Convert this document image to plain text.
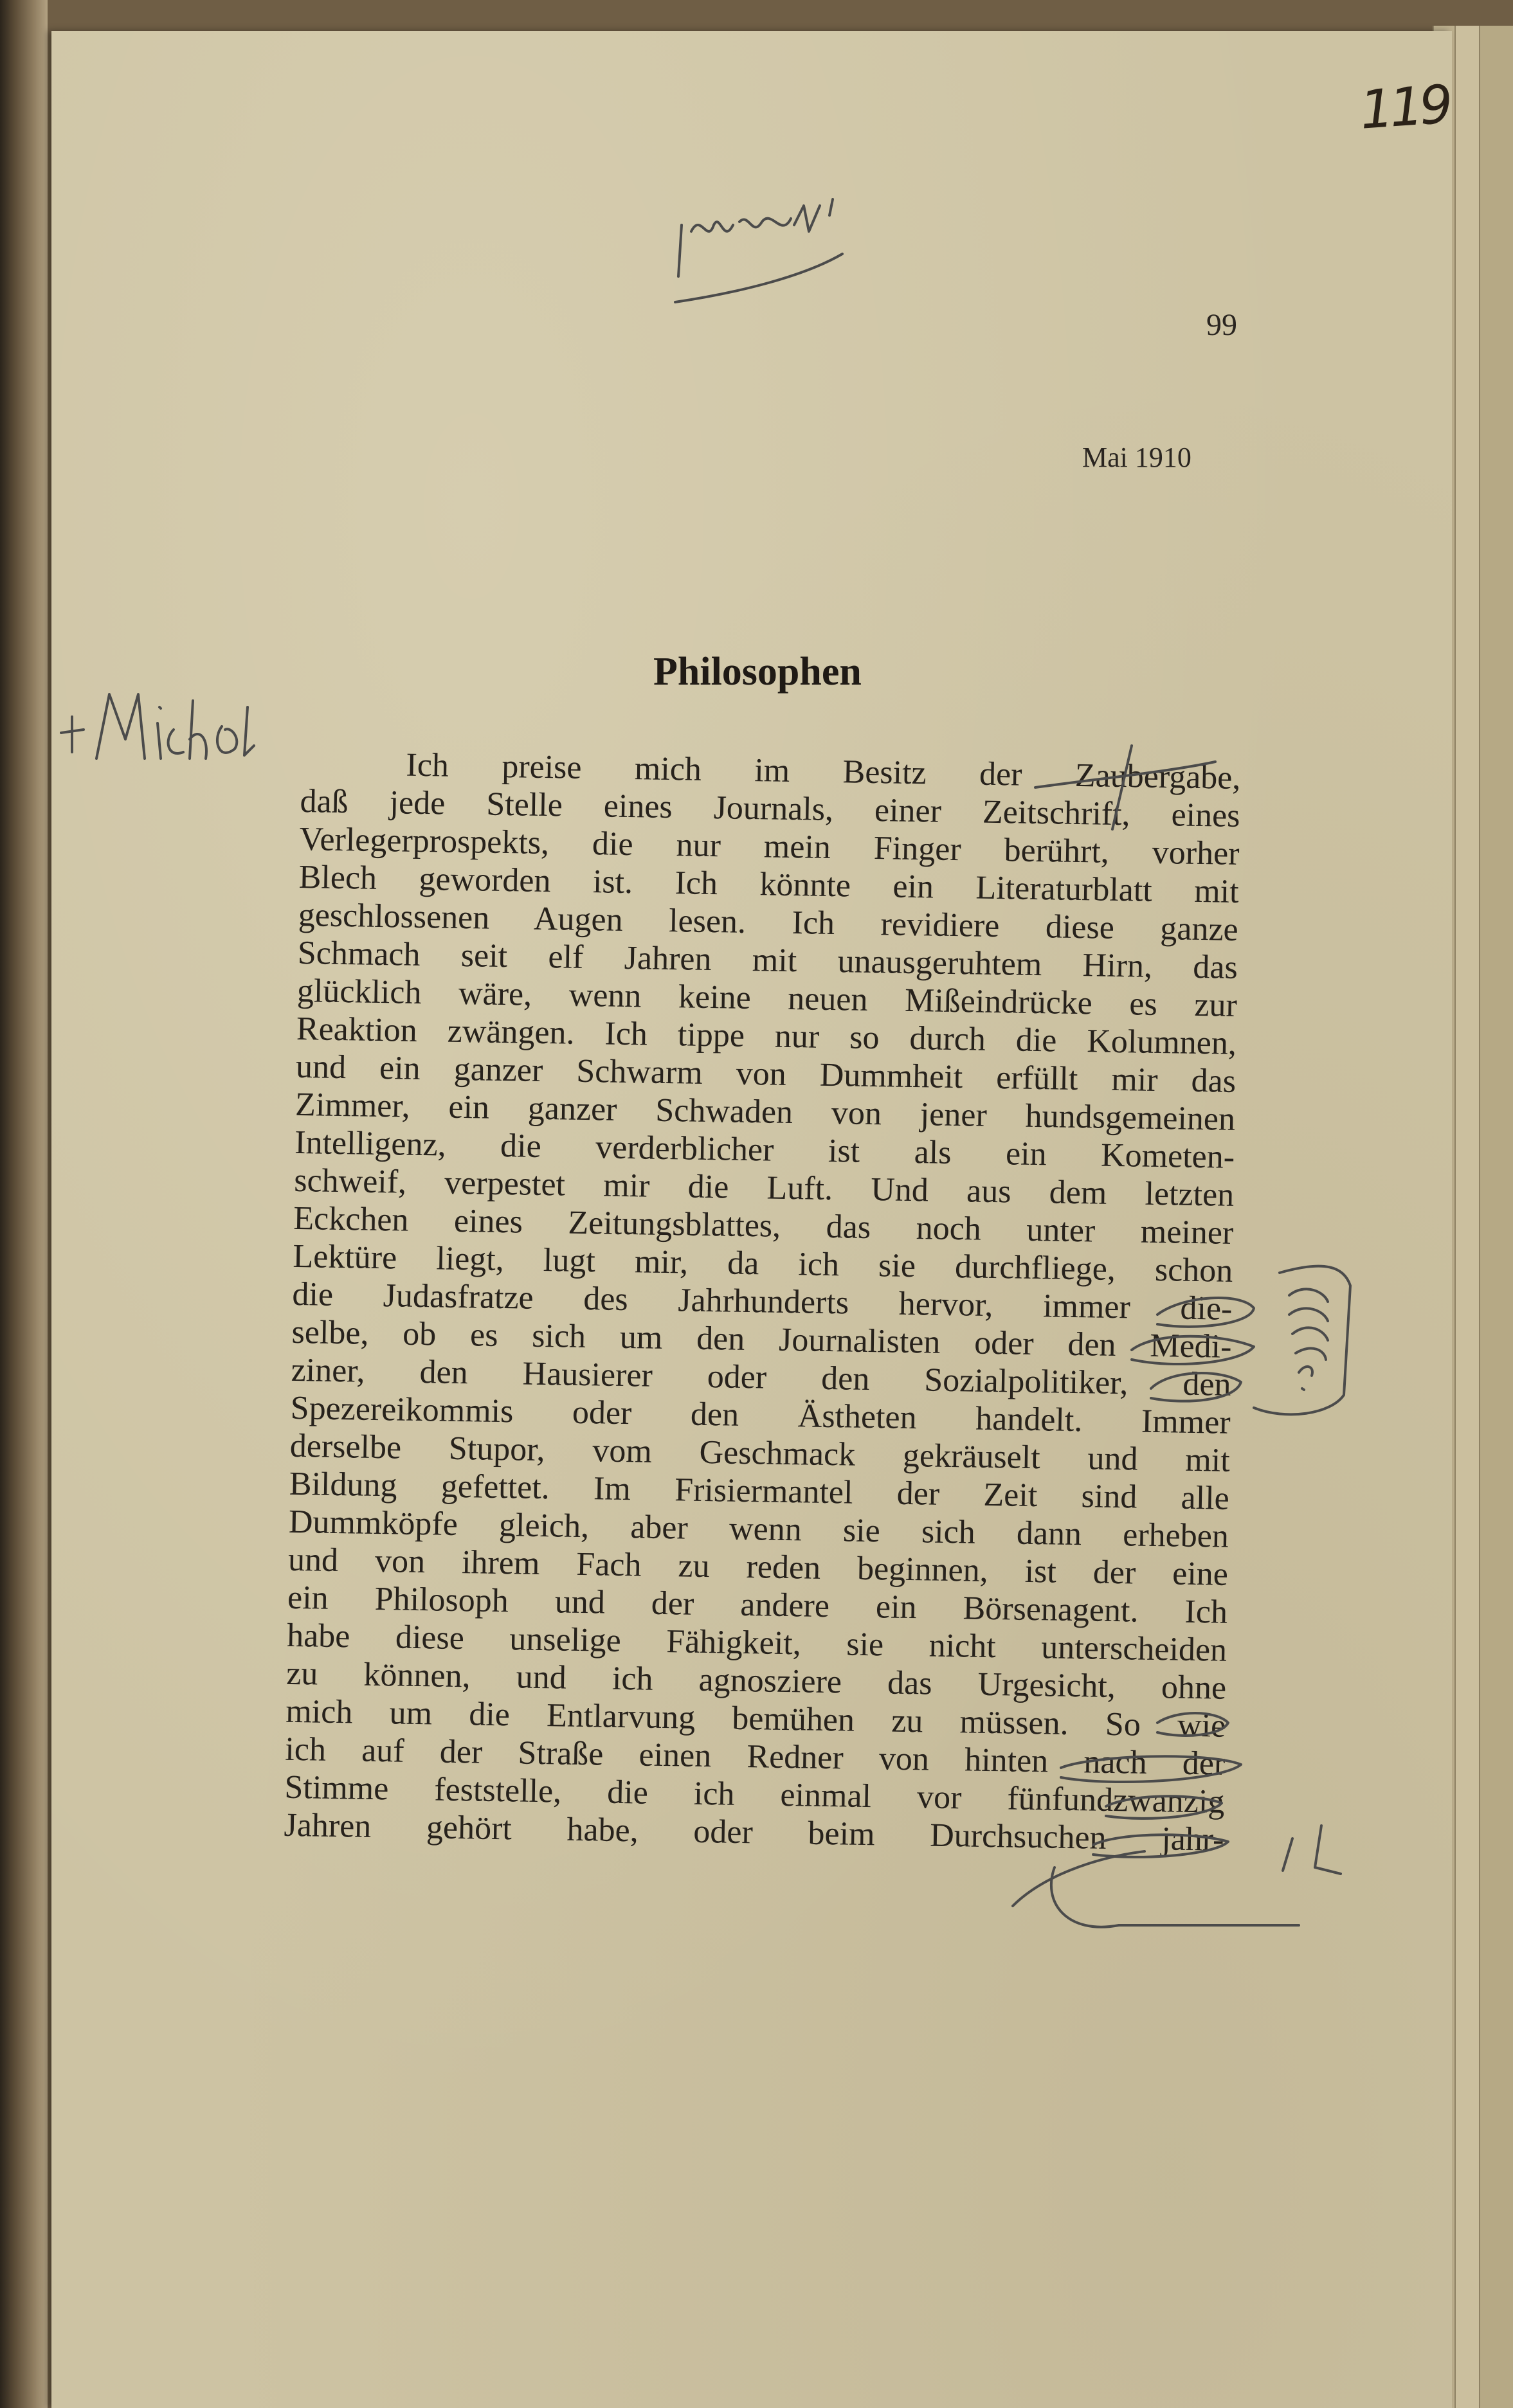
119
99
Mai 1910
Philosophen
Ich preise mich im Besitz der Zaubergabe,
daß jede Stelle eines Journals, einer Zeitschrift, eines
Verlegerprospekts, die nur mein Finger berührt, vorher
Blech geworden ist. Ich könnte ein Literaturblatt mit
geschlossenen Augen lesen. Ich revidiere diese ganze
Schmach seit elf Jahren mit unausgeruhtem Hirn, das
glücklich wäre, wenn keine neuen Mißeindrücke es zur
Reaktion zwängen. Ich tippe nur so durch die Kolumnen,
und ein ganzer Schwarm von Dummheit erfüllt mir das
Zimmer, ein ganzer Schwaden von jener hundsgemeinen
Intelligenz, die verderblicher ist als ein Kometen-
schweif, verpestet mir die Luft. Und aus dem letzten
Eckchen eines Zeitungsblattes, das noch unter meiner
Lektüre liegt, lugt mir, da ich sie durchfliege, schon
die Judasfratze des Jahrhunderts hervor, immer die-
selbe, ob es sich um den Journalisten oder den Medi-
ziner, den Hausierer oder den Sozialpolitiker, den
Spezereikommis oder den Ästheten handelt. Immer
derselbe Stupor, vom Geschmack gekräuselt und mit
Bildung gefettet. Im Frisiermantel der Zeit sind alle
Dummköpfe gleich, aber wenn sie sich dann erheben
und von ihrem Fach zu reden beginnen, ist der eine
ein Philosoph und der andere ein Börsenagent. Ich
habe diese unselige Fähigkeit, sie nicht unterscheiden
zu können, und ich agnosziere das Urgesicht, ohne
mich um die Entlarvung bemühen zu müssen. So wie
ich auf der Straße einen Redner von hinten nach der
Stimme feststelle, die ich einmal vor fünfundzwanzig
Jahren gehört habe, oder beim Durchsuchen jahr-
